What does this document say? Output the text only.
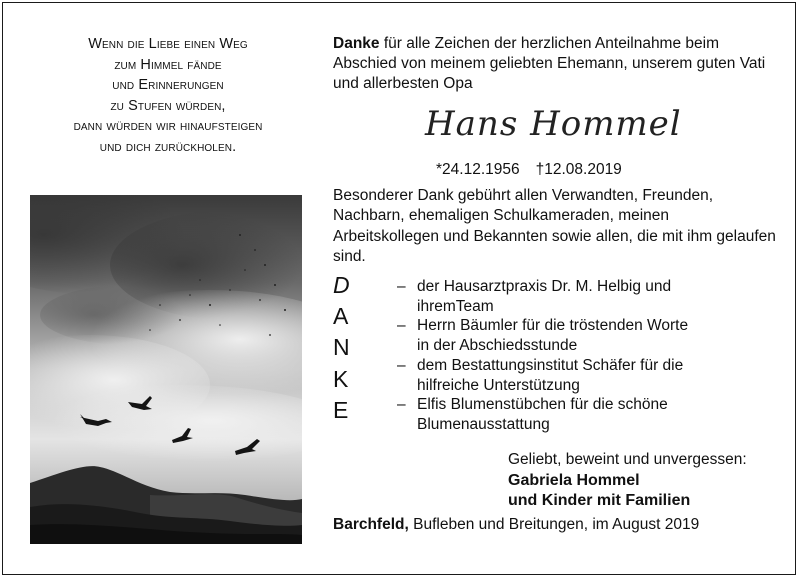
Wenn die Liebe einen Weg
zum Himmel fände
und Erinnerungen
zu Stufen würden,
dann würden wir hinaufsteigen
und dich zurückholen.
Danke für alle Zeichen der herzlichen Anteilnahme beim Abschied von meinem geliebten Ehemann, unserem guten Vati und allerbesten Opa
Hans Hommel
*24.12.1956 †12.08.2019
Besonderer Dank gebührt allen Verwandten, Freunden, Nachbarn, ehemaligen Schulkameraden, meinen Arbeitskollegen und Bekannten sowie allen, die mit ihm gelaufen sind.
D
A
N
K
E
– der Hausarztpraxis Dr. M. Helbig und
ihremTeam
– Herrn Bäumler für die tröstenden Worte
in der Abschiedsstunde
– dem Bestattungsinstitut Schäfer für die
hilfreiche Unterstützung
– Elfis Blumenstübchen für die schöne
Blumenausstattung
Geliebt, beweint und unvergessen:
Gabriela Hommel
und Kinder mit Familien
Barchfeld, Bufleben und Breitungen, im August 2019
